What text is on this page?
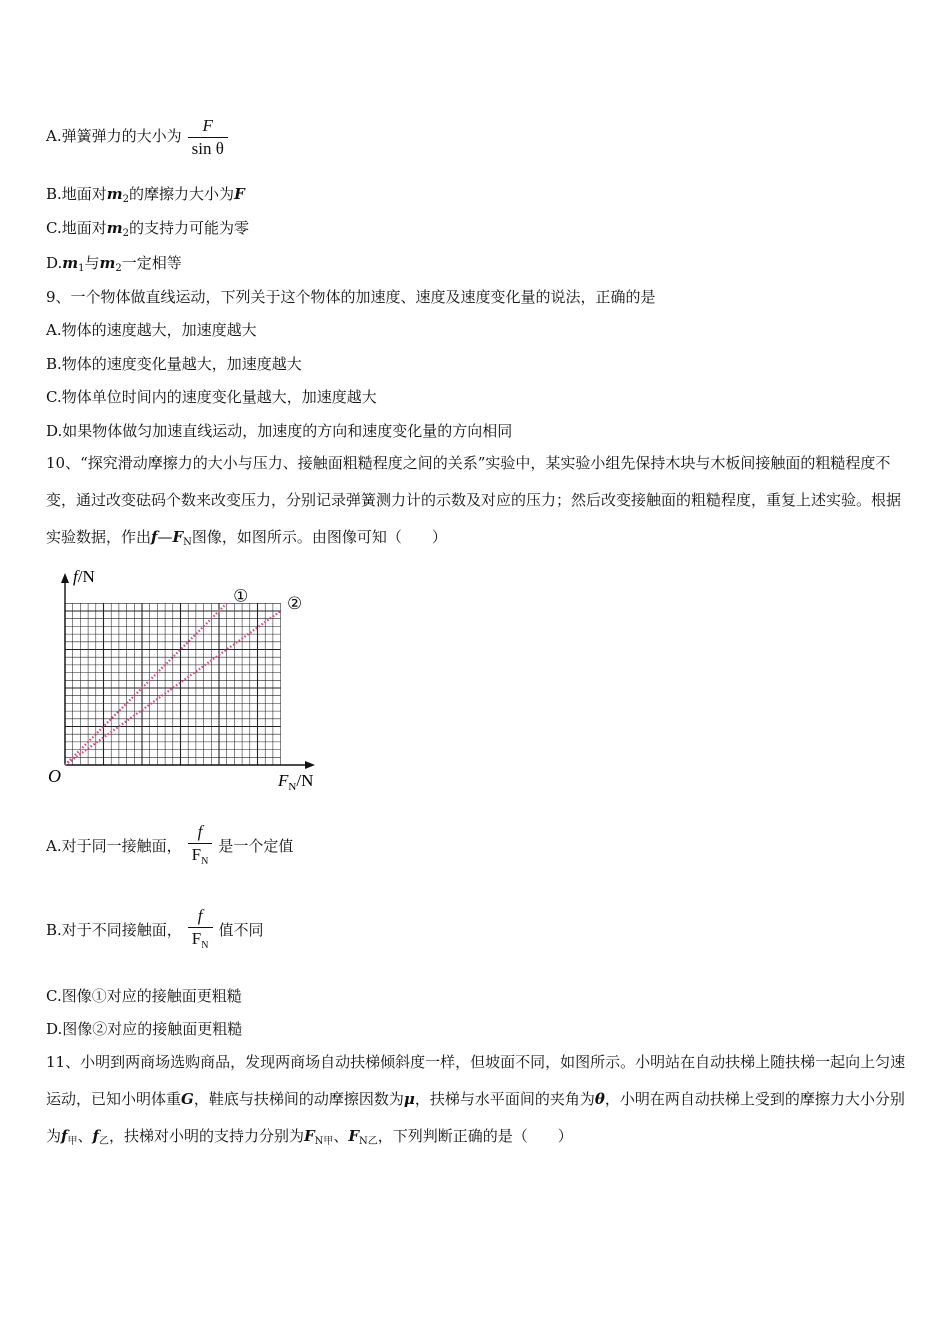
A.弹簧弹力的大小为 $\frac{F}{\text{sin θ}}$
B.地面对$m_2$的摩擦力大小为F
C.地面对$m_2$的支持力可能为零
$D.m_1$与$m_2$一定相等
9、一个物体做直线运动，下列关于这个物体的加速度、速度及速度变化量的说法，正确的是
A.物体的速度越大，加速度越大
B.物体的速度变化量越大，加速度越大
C.物体单位时间内的速度变化量越大，加速度越大
D.如果物体做匀加速直线运动，加速度的方向和速度变化量的方向相同
10、“探究滑动摩擦力的大小与压力、接触面粗糙程度之间的关系”实验中，某实验小组先保持木块与木板间接触面的粗糙程度不变，通过改变砝码个数来改变压力，分别记录弹簧测力计的示数及对应的压力；然后改变接触面的粗糙程度，重复上述实验。根据实验数据，作出$f—F_N$图像，如图所示。由图像可知（　　）
① ②
O
f/N
$F_N/N$
A.对于同一接触面， $\frac{f}{F_N}$ 是一个定值
B.对于不同接触面， $\frac{f}{F_N}$ 值不同
C.图像①对应的接触面更粗糙
D.图像②对应的接触面更粗糙
11、小明到两商场选购商品，发现两商场自动扶梯倾斜度一样，但坡面不同，如图所示。小明站在自动扶梯上随扶梯一起向上匀速运动，已知小明体重G，鞋底与扶梯间的动摩擦因数为μ，扶梯与水平面间的夹角为θ，小明在两自动扶梯上受到的摩擦力大小分别为$f_甲$、$f_乙$，扶梯对小明的支持力分别为$F_{N甲}$、$F_{N乙}$，下列判断正确的是（　　）
